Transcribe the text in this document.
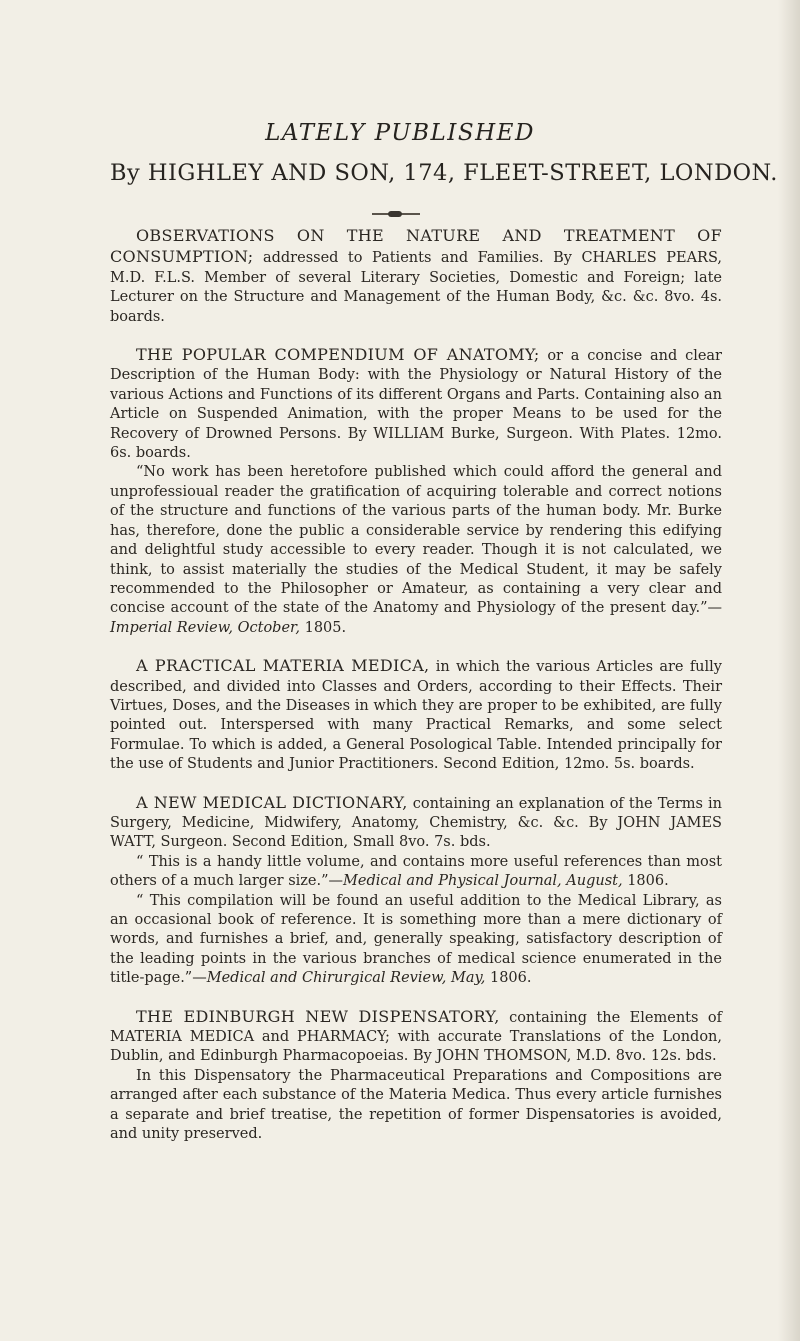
LATELY PUBLISHED
By HIGHLEY AND SON, 174, FLEET-STREET, LONDON.

OBSERVATIONS ON THE NATURE AND TREATMENT OF CONSUMPTION; addressed to Patients and Families. By CHARLES PEARS, M.D. F.L.S. Member of several Literary Societies, Domestic and Foreign; late Lecturer on the Structure and Management of the Human Body, &c. &c. 8vo. 4s. boards.

THE POPULAR COMPENDIUM OF ANATOMY; or a concise and clear Description of the Human Body: with the Physiology or Natural History of the various Actions and Functions of its different Organs and Parts. Containing also an Article on Suspended Animation, with the proper Means to be used for the Recovery of Drowned Persons. By WILLIAM Burke, Surgeon. With Plates. 12mo. 6s. boards.

“No work has been heretofore published which could afford the general and unprofessioual reader the gratification of acquiring tolerable and correct notions of the structure and functions of the various parts of the human body. Mr. Burke has, therefore, done the public a considerable service by rendering this edifying and delightful study accessible to every reader. Though it is not calculated, we think, to assist materially the studies of the Medical Student, it may be safely recommended to the Philosopher or Amateur, as containing a very clear and concise account of the state of the Anatomy and Physiology of the present day.”—Imperial Review, October, 1805.

A PRACTICAL MATERIA MEDICA, in which the various Articles are fully described, and divided into Classes and Orders, according to their Effects. Their Virtues, Doses, and the Diseases in which they are proper to be exhibited, are fully pointed out. Interspersed with many Practical Remarks, and some select Formulae. To which is added, a General Posological Table. Intended principally for the use of Students and Junior Practitioners. Second Edition, 12mo. 5s. boards.

A NEW MEDICAL DICTIONARY, containing an explanation of the Terms in Surgery, Medicine, Midwifery, Anatomy, Chemistry, &c. &c. By JOHN JAMES WATT, Surgeon. Second Edition, Small 8vo. 7s. bds.

“ This is a handy little volume, and contains more useful references than most others of a much larger size.”—Medical and Physical Journal, August, 1806.

“ This compilation will be found an useful addition to the Medical Library, as an occasional book of reference. It is something more than a mere dictionary of words, and furnishes a brief, and, generally speaking, satisfactory description of the leading points in the various branches of medical science enumerated in the title-page.”—Medical and Chirurgical Review, May, 1806.

THE EDINBURGH NEW DISPENSATORY, containing the Elements of MATERIA MEDICA and PHARMACY; with accurate Translations of the London, Dublin, and Edinburgh Pharmacopoeias. By JOHN THOMSON, M.D. 8vo. 12s. bds.

In this Dispensatory the Pharmaceutical Preparations and Compositions are arranged after each substance of the Materia Medica. Thus every article furnishes a separate and brief treatise, the repetition of former Dispensatories is avoided, and unity preserved.
